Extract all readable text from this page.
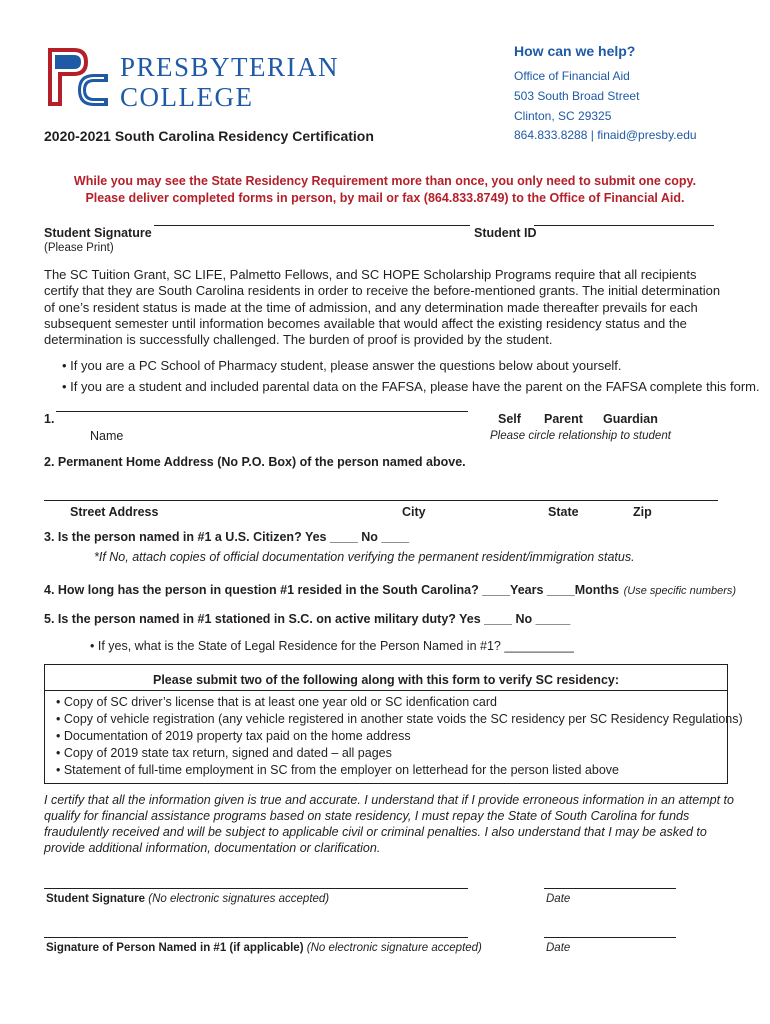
PRESBYTERIAN
COLLEGE
How can we help?
Office of Financial Aid
503 South Broad Street
Clinton, SC 29325
864.833.8288 | finaid@presby.edu
2020-2021 South Carolina Residency Certification
While you may see the State Residency Requirement more than once, you only need to submit one copy.
Please deliver completed forms in person, by mail or fax (864.833.8749) to the Office of Financial Aid.
Student Signature	Student ID
(Please Print)
The SC Tuition Grant, SC LIFE, Palmetto Fellows, and SC HOPE Scholarship Programs require that all recipients certify that they are South Carolina residents in order to receive the before-mentioned grants. The initial determination of one’s resident status is made at the time of admission, and any determination made thereafter prevails for each subsequent semester until information becomes available that would affect the existing residency status and the determination is successfully challenged. The burden of proof is provided by the student.
• If you are a PC School of Pharmacy student, please answer the questions below about yourself.
• If you are a student and included parental data on the FAFSA, please have the parent on the FAFSA complete this form.
1.
Name
Self Parent Guardian
Please circle relationship to student
2. Permanent Home Address (No P.O. Box) of the person named above.
Street Address	City	State	Zip
3. Is the person named in #1 a U.S. Citizen? Yes ____ No ____
*If No, attach copies of official documentation verifying the permanent resident/immigration status.
4. How long has the person in question #1 resided in the South Carolina? ____Years ____Months (Use specific numbers)
5. Is the person named in #1 stationed in S.C. on active military duty? Yes ____ No _____
• If yes, what is the State of Legal Residence for the Person Named in #1? __________
Please submit two of the following along with this form to verify SC residency:
• Copy of SC driver’s license that is at least one year old or SC idenfication card
• Copy of vehicle registration (any vehicle registered in another state voids the SC residency per SC Residency Regulations)
• Documentation of 2019 property tax paid on the home address
• Copy of 2019 state tax return, signed and dated – all pages
• Statement of full-time employment in SC from the employer on letterhead for the person listed above
I certify that all the information given is true and accurate. I understand that if I provide erroneous information in an attempt to qualify for financial assistance programs based on state residency, I must repay the State of South Carolina for funds fraudulently received and will be subject to applicable civil or criminal penalties. I also understand that I may be asked to provide additional information, documentation or clarification.
Student Signature (No electronic signatures accepted)	Date
Signature of Person Named in #1 (if applicable) (No electronic signature accepted)	Date
